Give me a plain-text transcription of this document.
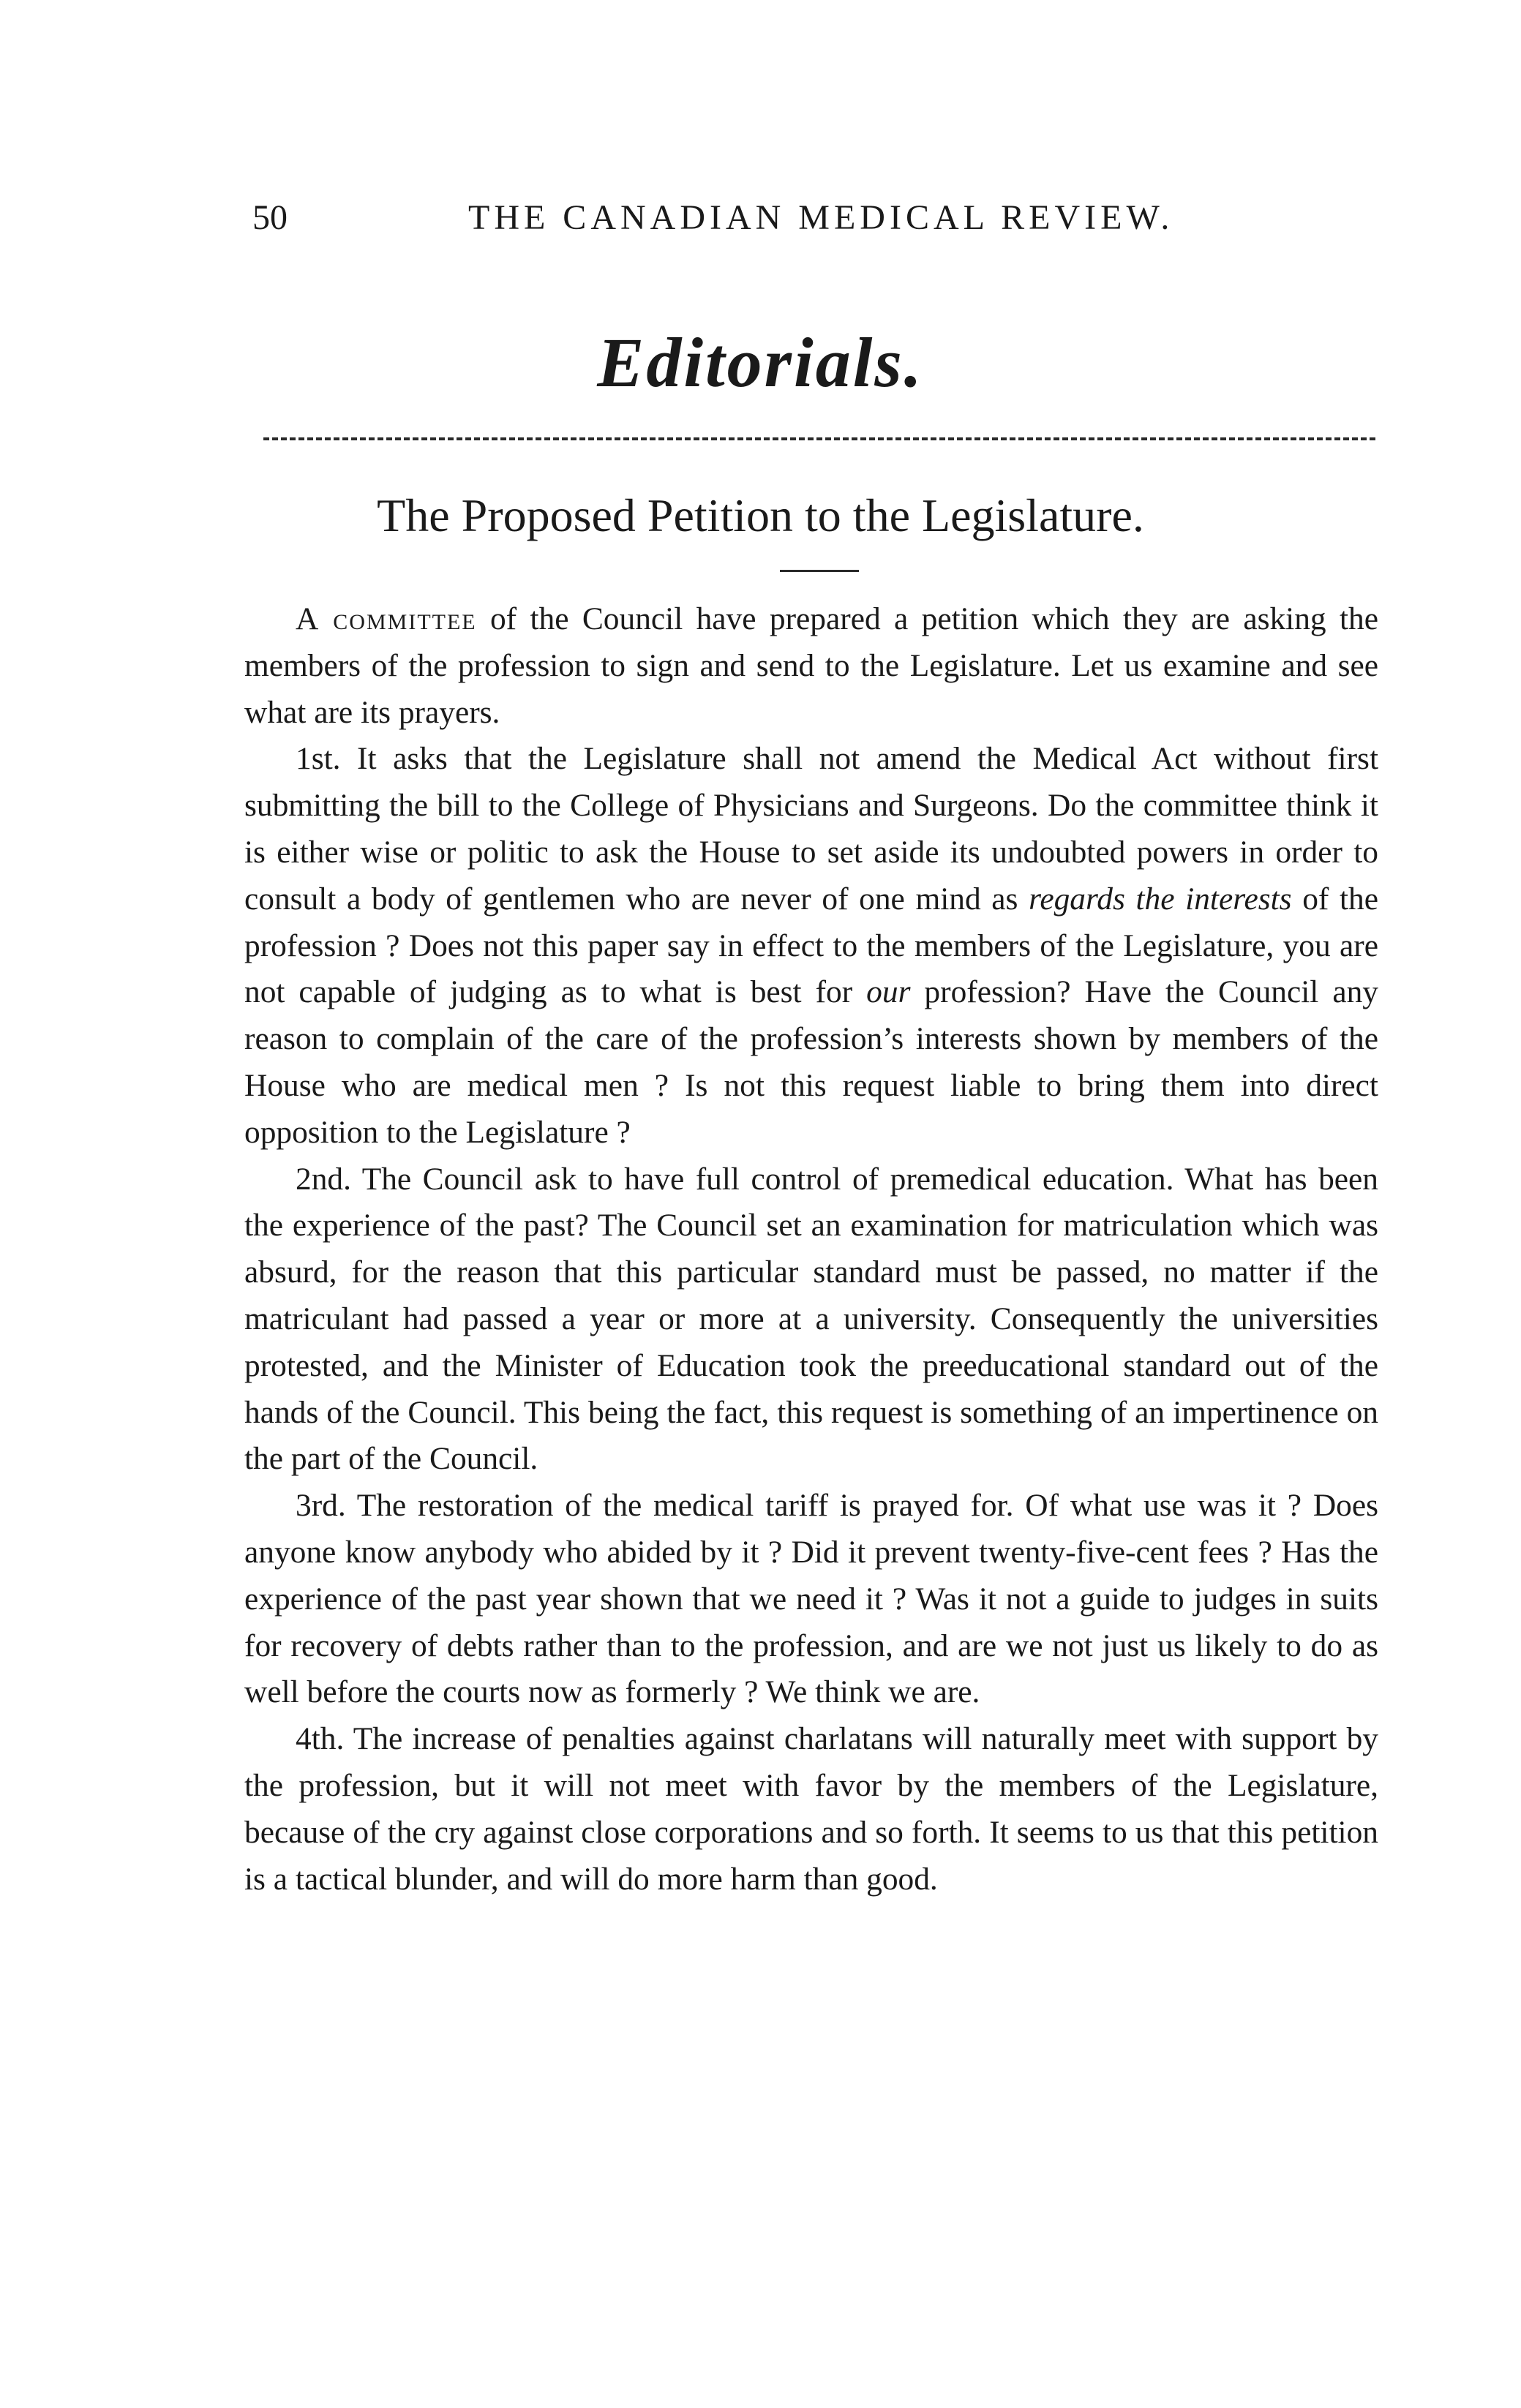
50	THE CANADIAN MEDICAL REVIEW.
Editorials.
The Proposed Petition to the Legislature.

A committee of the Council have prepared a petition which they are asking the members of the profession to sign and send to the Legislature. Let us examine and see what are its prayers.

1st. It asks that the Legislature shall not amend the Medical Act without first submitting the bill to the College of Physicians and Surgeons. Do the committee think it is either wise or politic to ask the House to set aside its undoubted powers in order to consult a body of gentlemen who are never of one mind as regards the interests of the profession ? Does not this paper say in effect to the members of the Legislature, you are not capable of judging as to what is best for our profession? Have the Council any reason to complain of the care of the profession’s interests shown by members of the House who are medical men ? Is not this request liable to bring them into direct opposition to the Legislature ?

2nd. The Council ask to have full control of premedical education. What has been the experience of the past? The Council set an examination for matriculation which was absurd, for the reason that this particular standard must be passed, no matter if the matriculant had passed a year or more at a university. Consequently the universities protested, and the Minister of Education took the preeducational standard out of the hands of the Council. This being the fact, this request is something of an impertinence on the part of the Council.

3rd. The restoration of the medical tariff is prayed for. Of what use was it ? Does anyone know anybody who abided by it ? Did it prevent twenty-five-cent fees ? Has the experience of the past year shown that we need it ? Was it not a guide to judges in suits for recovery of debts rather than to the profession, and are we not just us likely to do as well before the courts now as formerly ? We think we are.

4th. The increase of penalties against charlatans will naturally meet with support by the profession, but it will not meet with favor by the members of the Legislature, because of the cry against close corporations and so forth. It seems to us that this petition is a tactical blunder, and will do more harm than good.
